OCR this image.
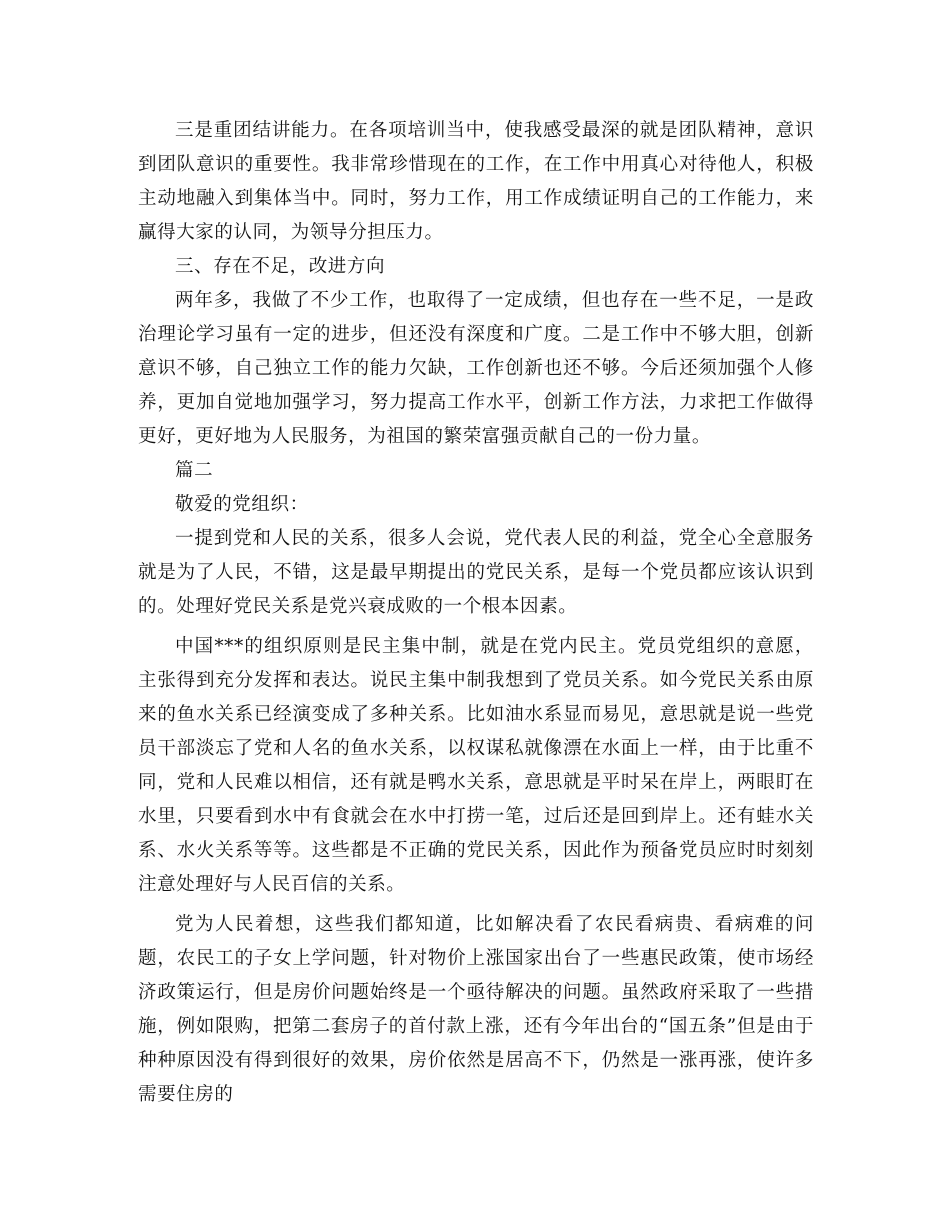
三是重团结讲能力。在各项培训当中，使我感受最深的就是团队精神，意识到团队意识的重要性。我非常珍惜现在的工作，在工作中用真心对待他人，积极主动地融入到集体当中。同时，努力工作，用工作成绩证明自己的工作能力，来赢得大家的认同，为领导分担压力。

三、存在不足，改进方向

两年多，我做了不少工作，也取得了一定成绩，但也存在一些不足，一是政治理论学习虽有一定的进步，但还没有深度和广度。二是工作中不够大胆，创新意识不够，自己独立工作的能力欠缺，工作创新也还不够。今后还须加强个人修养，更加自觉地加强学习，努力提高工作水平，创新工作方法，力求把工作做得更好，更好地为人民服务，为祖国的繁荣富强贡献自己的一份力量。

篇二

敬爱的党组织：

一提到党和人民的关系，很多人会说，党代表人民的利益，党全心全意服务就是为了人民，不错，这是最早期提出的党民关系，是每一个党员都应该认识到的。处理好党民关系是党兴衰成败的一个根本因素。

中国***的组织原则是民主集中制，就是在党内民主。党员党组织的意愿，主张得到充分发挥和表达。说民主集中制我想到了党员关系。如今党民关系由原来的鱼水关系已经演变成了多种关系。比如油水系显而易见，意思就是说一些党员干部淡忘了党和人名的鱼水关系，以权谋私就像漂在水面上一样，由于比重不同，党和人民难以相信，还有就是鸭水关系，意思就是平时呆在岸上，两眼盯在水里，只要看到水中有食就会在水中打捞一笔，过后还是回到岸上。还有蛙水关系、水火关系等等。这些都是不正确的党民关系，因此作为预备党员应时时刻刻注意处理好与人民百信的关系。

党为人民着想，这些我们都知道，比如解决看了农民看病贵、看病难的问题，农民工的子女上学问题，针对物价上涨国家出台了一些惠民政策，使市场经济政策运行，但是房价问题始终是一个亟待解决的问题。虽然政府采取了一些措施，例如限购，把第二套房子的首付款上涨，还有今年出台的“国五条”但是由于种种原因没有得到很好的效果，房价依然是居高不下，仍然是一涨再涨，使许多需要住房的
